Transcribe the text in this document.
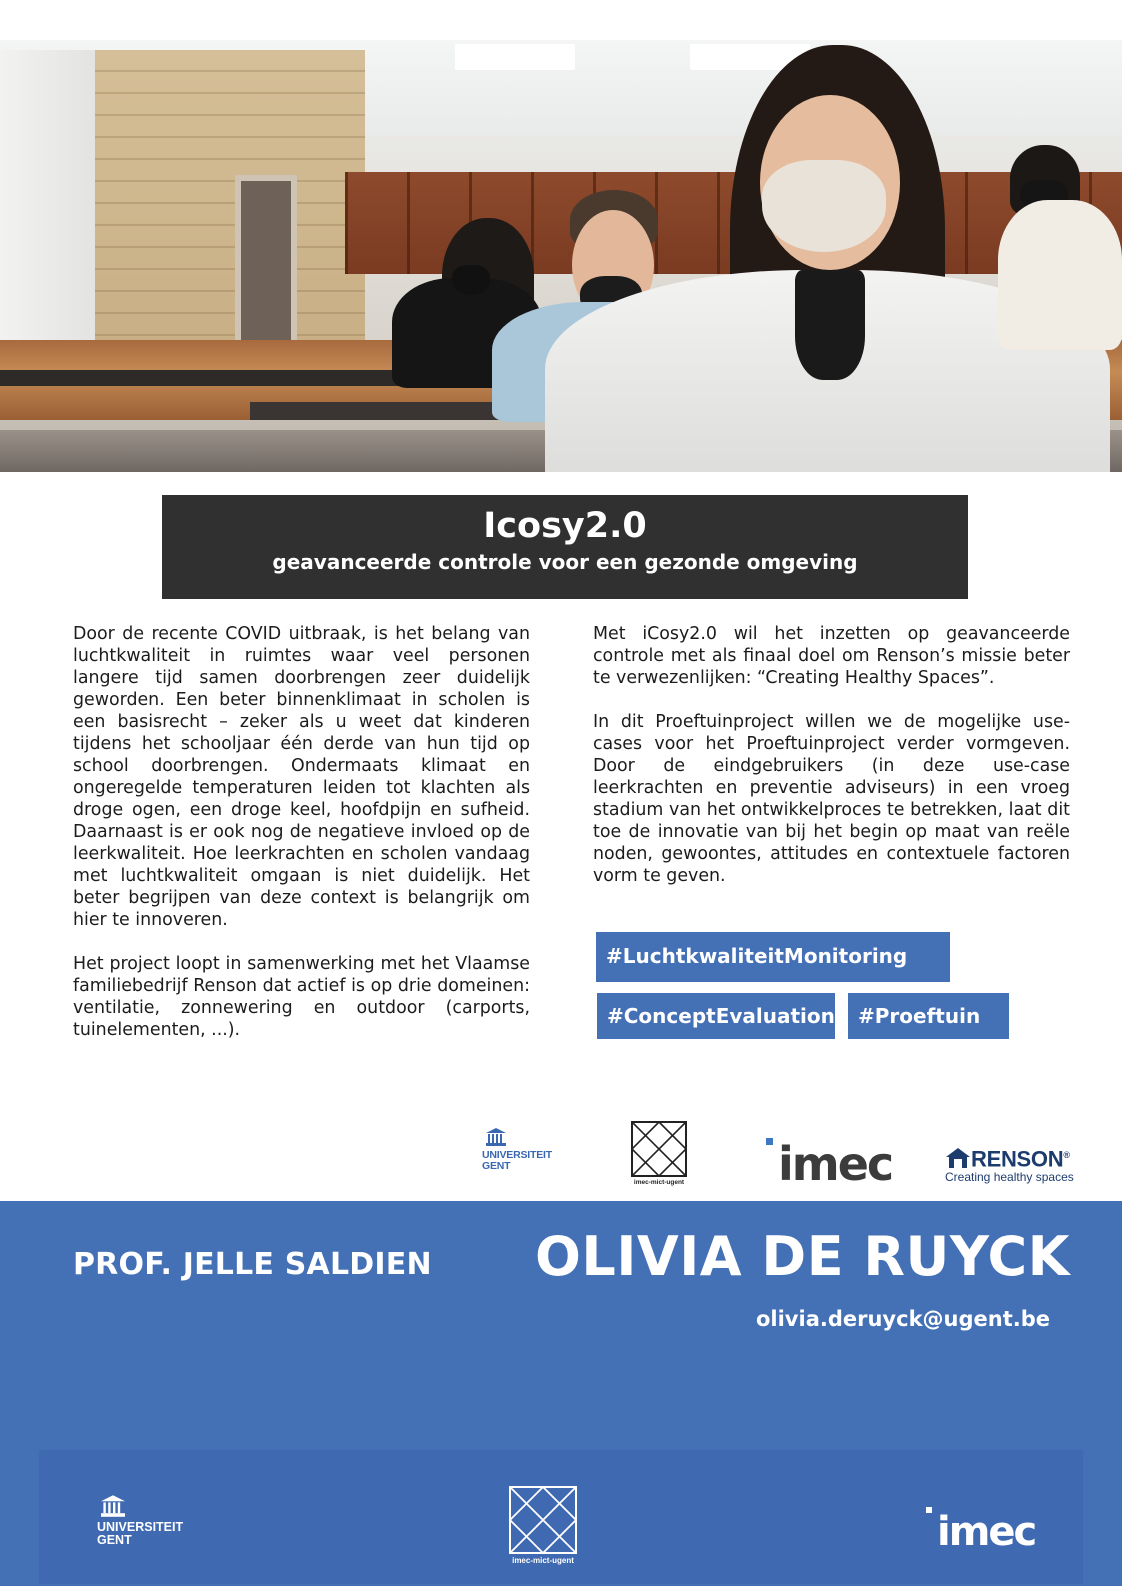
Icosy2.0
geavanceerde controle voor een gezonde omgeving

Door de recente COVID uitbraak, is het belang van luchtkwaliteit in ruimtes waar veel personen langere tijd samen doorbrengen zeer duidelijk geworden. Een beter binnenklimaat in scholen is een basisrecht – zeker als u weet dat kinderen tijdens het schooljaar één derde van hun tijd op school doorbrengen. Ondermaats klimaat en ongeregelde temperaturen leiden tot klachten als droge ogen, een droge keel, hoofdpijn en sufheid. Daarnaast is er ook nog de negatieve invloed op de leerkwaliteit. Hoe leerkrachten en scholen vandaag met luchtkwaliteit omgaan is niet duidelijk. Het beter begrijpen van deze context is belangrijk om hier te innoveren.

Het project loopt in samenwerking met het Vlaamse familiebedrijf Renson dat actief is op drie domeinen: ventilatie, zonnewering en outdoor (carports, tuinelementen, ...).

Met iCosy2.0 wil het inzetten op geavanceerde controle met als finaal doel om Renson’s missie beter te verwezenlijken: “Creating Healthy Spaces”.

In dit Proeftuinproject willen we de mogelijke use-cases voor het Proeftuinproject verder vormgeven. Door de eindgebruikers (in deze use-case leerkrachten en preventie adviseurs) in een vroeg stadium van het ontwikkelproces te betrekken, laat dit toe de innovatie van bij het begin op maat van reële noden, gewoontes, attitudes en contextuele factoren vorm te geven.

#LuchtkwaliteitMonitoring
#ConceptEvaluation	#Proeftuin
UNIVERSITEIT
GENT
imec-mict-ugent imec	RENSON®
Creating healthy spaces
PROF. JELLE SALDIEN OLIVIA DE RUYCK
olivia.deruyck@ugent.be
UNIVERSITEIT
GENT
imec-mict-ugent
imec
